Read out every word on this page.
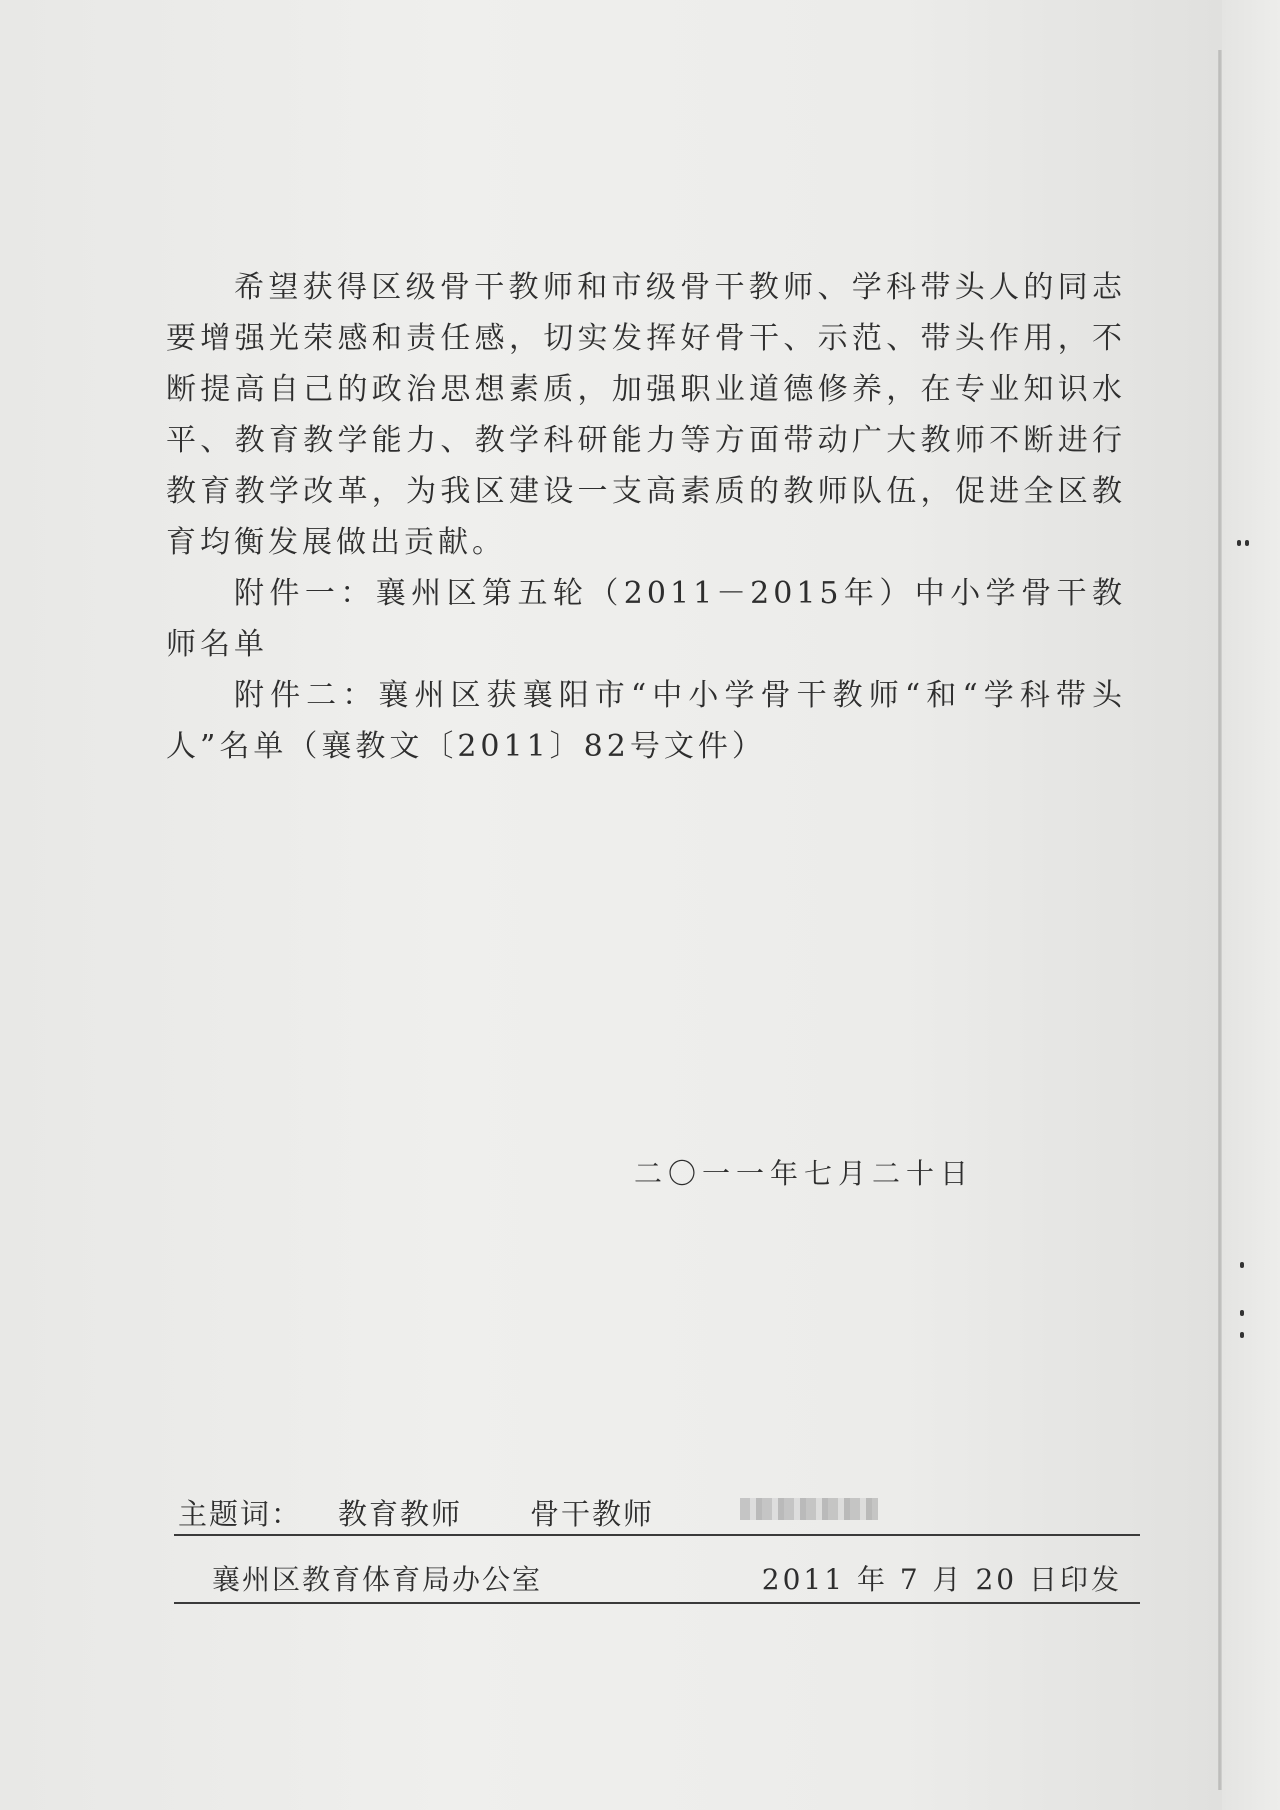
希望获得区级骨干教师和市级骨干教师、学科带头人的同志要增强光荣感和责任感，切实发挥好骨干、示范、带头作用，不断提高自己的政治思想素质，加强职业道德修养，在专业知识水平、教育教学能力、教学科研能力等方面带动广大教师不断进行教育教学改革，为我区建设一支高素质的教师队伍，促进全区教育均衡发展做出贡献。

附件一：襄州区第五轮（2011－2015年）中小学骨干教师名单

附件二：襄州区获襄阳市“中小学骨干教师“和“学科带头人”名单（襄教文〔2011〕82号文件）

二〇一一年七月二十日
主题词： 教育教师 骨干教师
襄州区教育体育局办公室	2011 年 7 月 20 日印发
